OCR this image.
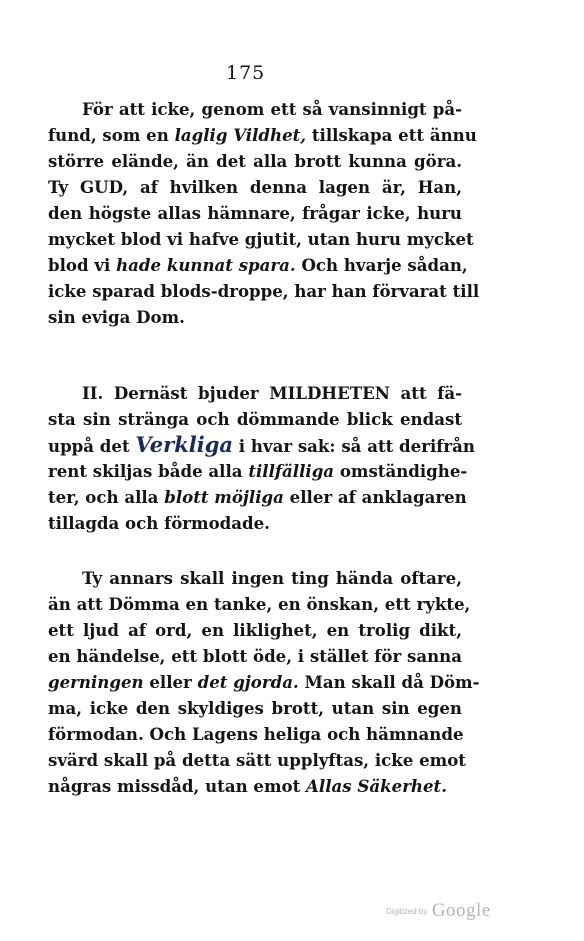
175
För att icke, genom ett så vansinnigt på-
fund, som en laglig Vildhet, tillskapa ett ännu
större elände, än det alla brott kunna göra.
Ty GUD, af hvilken denna lagen är, Han,
den högste allas hämnare, frågar icke, huru
mycket blod vi hafve gjutit, utan huru mycket
blod vi hade kunnat spara. Och hvarje sådan,
icke sparad blods-droppe, har han förvarat till
sin eviga Dom.
II. Dernäst bjuder MILDHETEN att fä-
sta sin stränga och dömmande blick endast
uppå det Verkliga i hvar sak: så att derifrån
rent skiljas både alla tillfälliga omständighe-
ter, och alla blott möjliga eller af anklagaren
tillagda och förmodade.
Ty annars skall ingen ting hända oftare,
än att Dömma en tanke, en önskan, ett rykte,
ett ljud af ord, en liklighet, en trolig dikt,
en händelse, ett blott öde, i stället för sanna
gerningen eller det gjorda. Man skall då Döm-
ma, icke den skyldiges brott, utan sin egen
förmodan. Och Lagens heliga och hämnande
svärd skall på detta sätt upplyftas, icke emot
någras missdåd, utan emot Allas Säkerhet.
Digitized by Google
